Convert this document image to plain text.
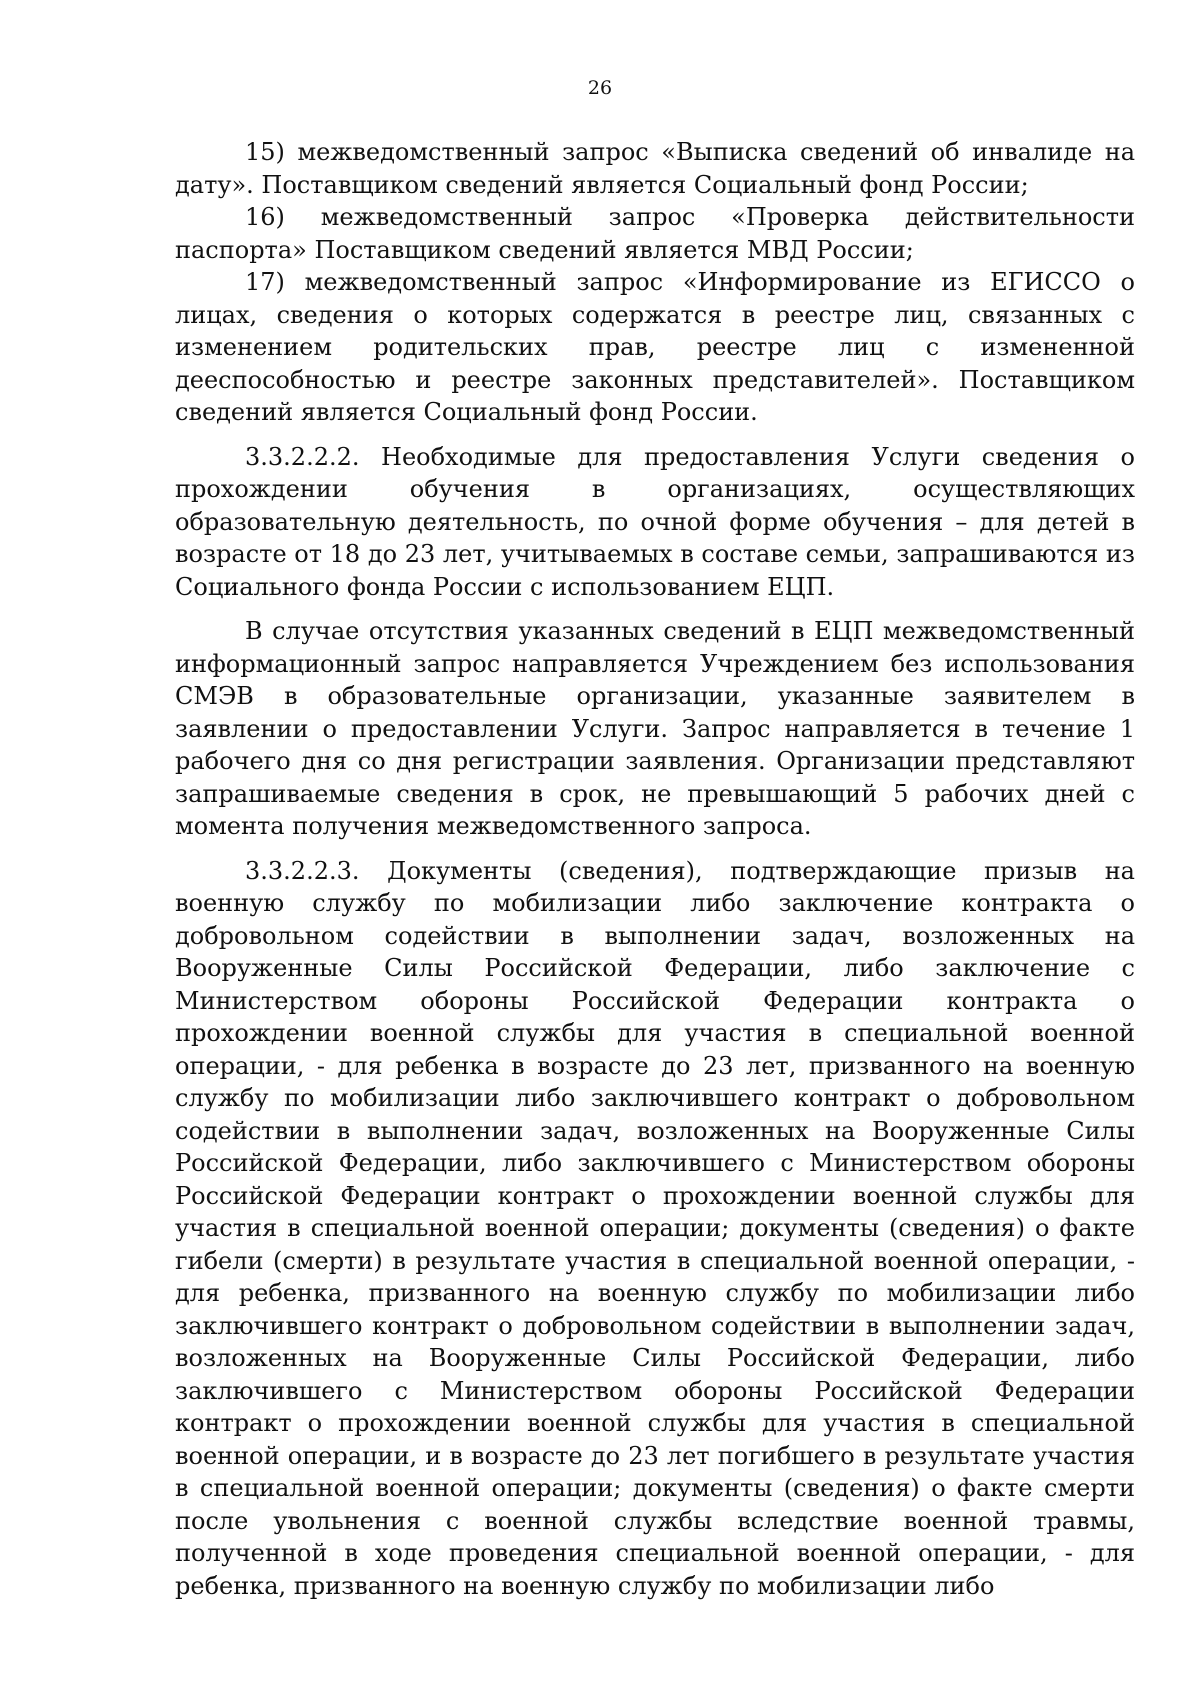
26

15) межведомственный запрос «Выписка сведений об инвалиде на дату». Поставщиком сведений является Социальный фонд России;

16) межведомственный запрос «Проверка действительности паспорта» Поставщиком сведений является МВД России;

17) межведомственный запрос «Информирование из ЕГИССО о лицах, сведения о которых содержатся в реестре лиц, связанных с изменением родительских прав, реестре лиц с измененной дееспособностью и реестре законных представителей». Поставщиком сведений является Социальный фонд России.

3.3.2.2.2. Необходимые для предоставления Услуги сведения о прохождении обучения в организациях, осуществляющих образовательную деятельность, по очной форме обучения – для детей в возрасте от 18 до 23 лет, учитываемых в составе семьи, запрашиваются из Социального фонда России с использованием ЕЦП.

В случае отсутствия указанных сведений в ЕЦП межведомственный информационный запрос направляется Учреждением без использования СМЭВ в образовательные организации, указанные заявителем в заявлении о предоставлении Услуги. Запрос направляется в течение 1 рабочего дня со дня регистрации заявления. Организации представляют запрашиваемые сведения в срок, не превышающий 5 рабочих дней с момента получения межведомственного запроса.

3.3.2.2.3. Документы (сведения), подтверждающие призыв на военную службу по мобилизации либо заключение контракта о добровольном содействии в выполнении задач, возложенных на Вооруженные Силы Российской Федерации, либо заключение с Министерством обороны Российской Федерации контракта о прохождении военной службы для участия в специальной военной операции, - для ребенка в возрасте до 23 лет, призванного на военную службу по мобилизации либо заключившего контракт о добровольном содействии в выполнении задач, возложенных на Вооруженные Силы Российской Федерации, либо заключившего с Министерством обороны Российской Федерации контракт о прохождении военной службы для участия в специальной военной операции; документы (сведения) о факте гибели (смерти) в результате участия в специальной военной операции, - для ребенка, призванного на военную службу по мобилизации либо заключившего контракт о добровольном содействии в выполнении задач, возложенных на Вооруженные Силы Российской Федерации, либо заключившего с Министерством обороны Российской Федерации контракт о прохождении военной службы для участия в специальной военной операции, и в возрасте до 23 лет погибшего в результате участия в специальной военной операции; документы (сведения) о факте смерти после увольнения с военной службы вследствие военной травмы, полученной в ходе проведения специальной военной операции, - для ребенка, призванного на военную службу по мобилизации либо
